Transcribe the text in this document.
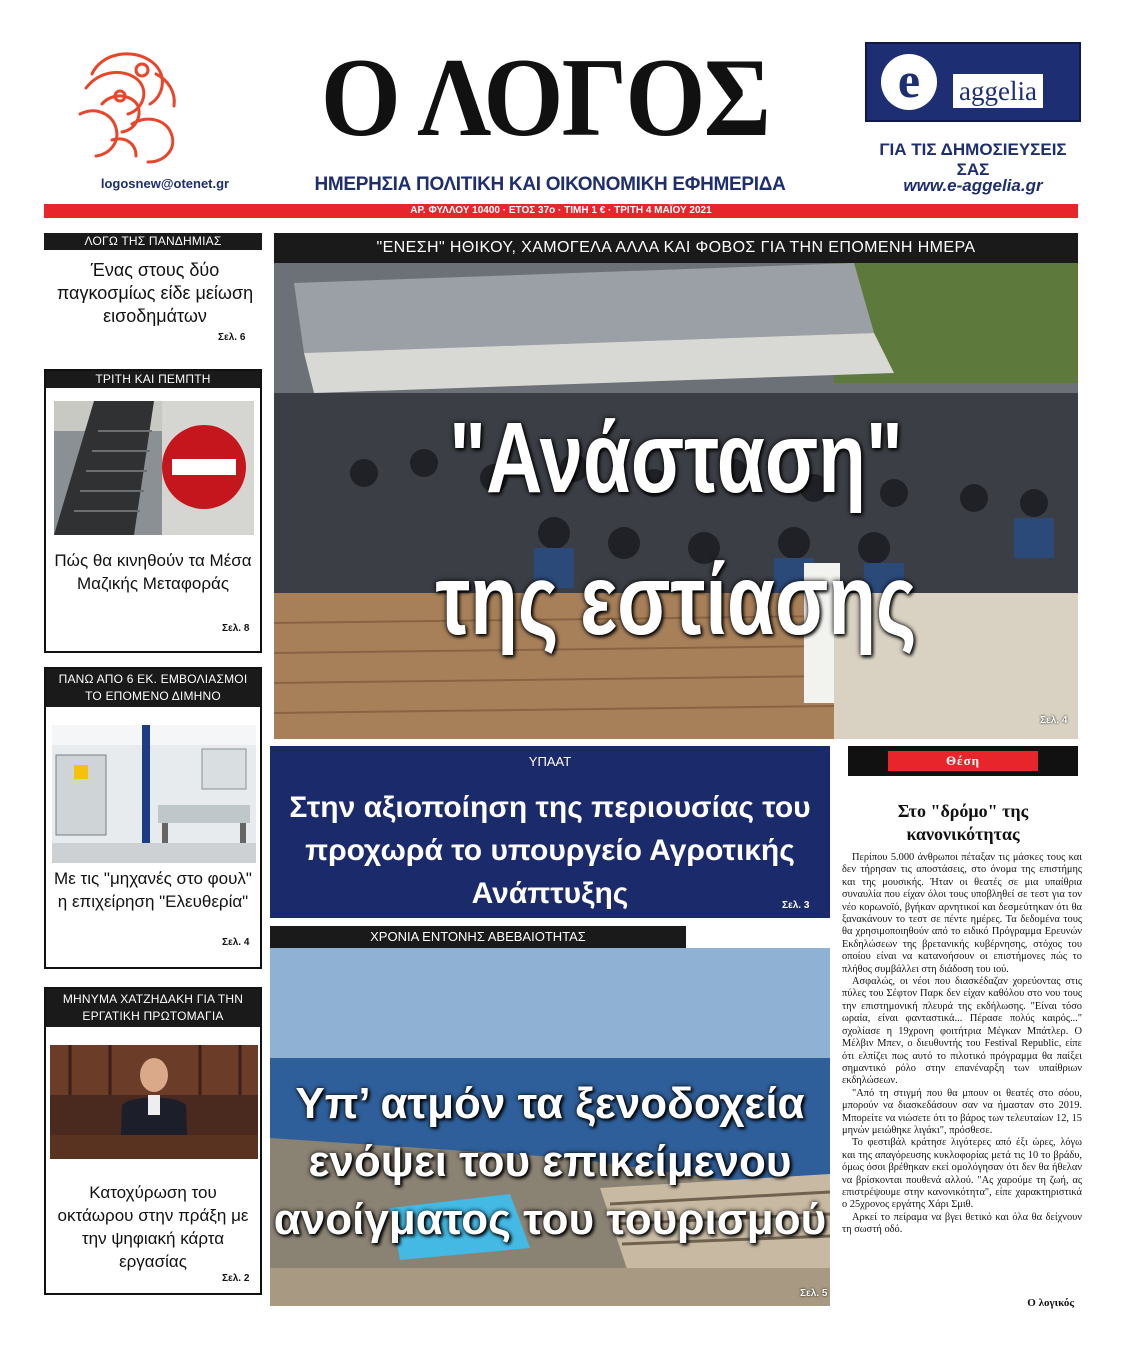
logosnew@otenet.gr
Ο ΛΟΓΟΣ
ΗΜΕΡΗΣΙΑ ΠΟΛΙΤΙΚΗ ΚΑΙ ΟΙΚΟΝΟΜΙΚΗ ΕΦΗΜΕΡΙΔΑ
e	aggelia
ΓΙΑ ΤΙΣ ΔΗΜΟΣΙΕΥΣΕΙΣ ΣΑΣ
www.e-aggelia.gr
ΑΡ. ΦΥΛΛΟΥ 10400 · ΕΤΟΣ 37ο · ΤΙΜΗ 1 € · ΤΡΙΤΗ 4 ΜΑΪΟΥ 2021
ΛΟΓΩ ΤΗΣ ΠΑΝΔΗΜΙΑΣ
Ένας στους δύο παγκοσμίως είδε μείωση εισοδημάτων
Σελ. 6
ΤΡΙΤΗ ΚΑΙ ΠΕΜΠΤΗ
Πώς θα κινηθούν τα Μέσα Μαζικής Μεταφοράς
Σελ. 8
ΠΑΝΩ ΑΠΟ 6 ΕΚ. ΕΜΒΟΛΙΑΣΜΟΙ ΤΟ ΕΠΟΜΕΝΟ ΔΙΜΗΝΟ
Με τις "μηχανές στο φουλ" η επιχείρηση "Ελευθερία"
Σελ. 4
ΜΗΝΥΜΑ ΧΑΤΖΗΔΑΚΗ ΓΙΑ ΤΗΝ ΕΡΓΑΤΙΚΗ ΠΡΩΤΟΜΑΓΙΑ
Κατοχύρωση του οκτάωρου στην πράξη με την ψηφιακή κάρτα εργασίας
Σελ. 2
"ΕΝΕΣΗ" ΗΘΙΚΟΥ, ΧΑΜΟΓΕΛΑ ΑΛΛΑ ΚΑΙ ΦΟΒΟΣ ΓΙΑ ΤΗΝ ΕΠΟΜΕΝΗ ΗΜΕΡΑ
"Ανάσταση"
της εστίασης
Σελ. 4
ΥΠΑΑΤ
Στην αξιοποίηση της περιουσίας του προχωρά το υπουργείο Αγροτικής Ανάπτυξης	Σελ. 3
ΧΡΟΝΙΑ ΕΝΤΟΝΗΣ ΑΒΕΒΑΙΟΤΗΤΑΣ
Υπ’ ατμόν τα ξενοδοχεία
ενόψει του επικείμενου
ανοίγματος του τουρισμού
Σελ. 5
Θέση
Στο "δρόμο" της κανονικότητας

Περίπου 5.000 άνθρωποι πέταξαν τις μάσκες τους και δεν τήρησαν τις αποστάσεις, στο όνομα της επιστήμης και της μουσικής. Ήταν οι θεατές σε μια υπαίθρια συναυλία που είχαν όλοι τους υποβληθεί σε τεστ για τον νέο κορωνοϊό, βγήκαν αρνητικοί και δεσμεύτηκαν ότι θα ξανακάνουν το τεστ σε πέντε ημέρες. Τα δεδομένα τους θα χρησιμοποιηθούν από το ειδικό Πρόγραμμα Ερευνών Εκδηλώσεων της βρετανικής κυβέρνησης, στόχος του οποίου είναι να κατανοήσουν οι επιστήμονες πώς το πλήθος συμβάλλει στη διάδοση του ιού.

Ασφαλώς, οι νέοι που διασκέδαζαν χορεύοντας στις πύλες του Σέφτον Παρκ δεν είχαν καθόλου στο νου τους την επιστημονική πλευρά της εκδήλωσης. "Είναι τόσο ωραία, είναι φανταστικά... Πέρασε πολύς καιρός..." σχολίασε η 19χρονη φοιτήτρια Μέγκαν Μπάτλερ. Ο Μέλβιν Μπεν, ο διευθυντής του Festival Republic, είπε ότι ελπίζει πως αυτό το πιλοτικό πρόγραμμα θα παίξει σημαντικό ρόλο στην επανέναρξη των υπαίθριων εκδηλώσεων.

"Από τη στιγμή που θα μπουν οι θεατές στο σόου, μπορούν να διασκεδάσουν σαν να ήμασταν στο 2019. Μπορείτε να νιώσετε ότι το βάρος των τελευταίων 12, 15 μηνών μειώθηκε λιγάκι", πρόσθεσε.

Το φεστιβάλ κράτησε λιγότερες από έξι ώρες, λόγω και της απαγόρευσης κυκλοφορίας μετά τις 10 το βράδυ, όμως όσοι βρέθηκαν εκεί ομολόγησαν ότι δεν θα ήθελαν να βρίσκονται πουθενά αλλού. "Ας χαρούμε τη ζωή, ας επιστρέψουμε στην κανονικότητα", είπε χαρακτηριστικά ο 25χρονος εργάτης Χάρι Σμιθ.

Αρκεί το πείραμα να βγει θετικό και όλα θα δείχνουν τη σωστή οδό.

Ο λογικός
